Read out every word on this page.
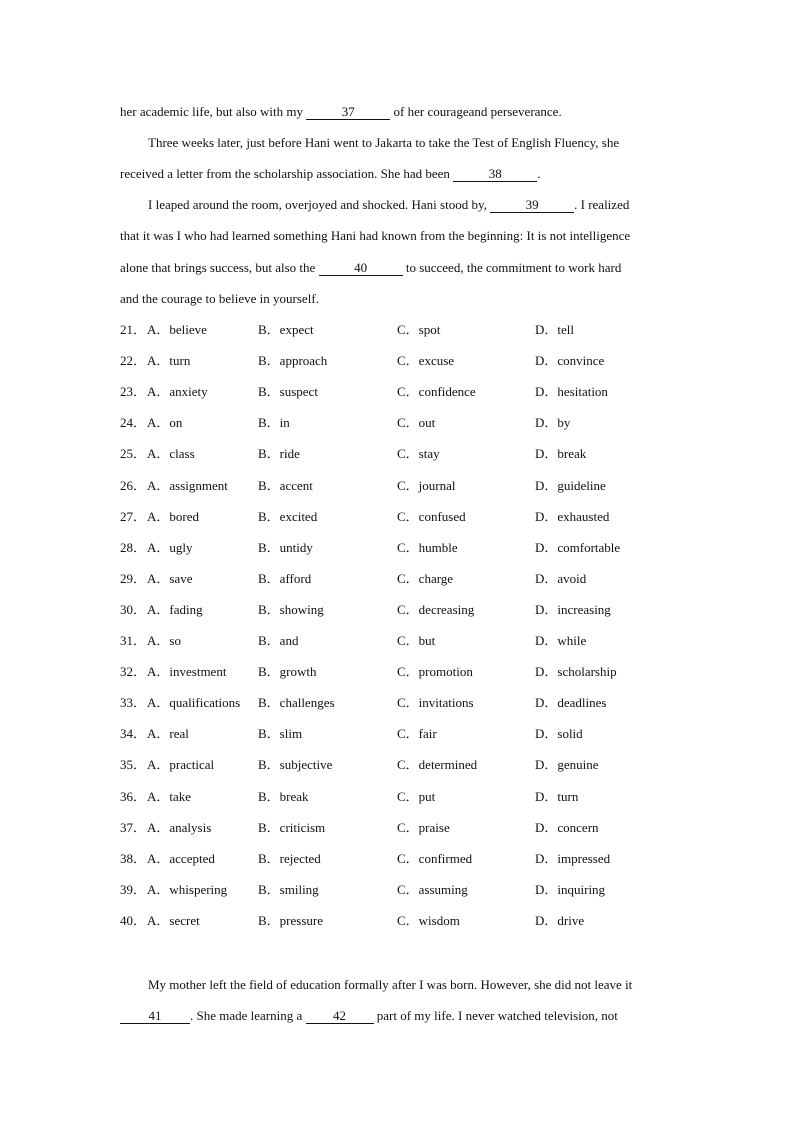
her academic life, but also with my	37	of her courageand perseverance.
Three weeks later, just before Hani went to Jakarta to take the Test of English Fluency, she
received a letter from the scholarship association. She had been	38	.
I leaped around the room, overjoyed and shocked. Hani stood by,	39	. I realized
that it was I who had learned something Hani had known from the beginning: It is not intelligence
alone that brings success, but also the	40	to succeed, the commitment to work hard
and the courage to believe in yourself.
21． A．believe	B．expect	C．spot	D．tell
22． A．turn	B．approach	C．excuse	D．convince
23． A．anxiety	B．suspect	C．confidence	D．hesitation
24． A．on	B．in	C．out	D．by
25． A．class	B．ride	C．stay	D．break
26． A．assignment B．accent	C．journal	D．guideline
27． A．bored	B．excited	C．confused	D．exhausted
28． A．ugly	B．untidy	C．humble	D．comfortable
29． A．save	B．afford	C．charge	D．avoid
30． A．fading	B．showing	C．decreasing	D．increasing
31． A．so	B．and	C．but	D．while
32． A．investment B．growth	C．promotion	D．scholarship
33． A．qualifications B．challenges	C．invitations	D．deadlines
34． A．real	B．slim	C．fair	D．solid
35． A．practical	B．subjective	C．determined	D．genuine
36． A．take	B．break	C．put	D．turn
37． A．analysis	B．criticism	C．praise	D．concern
38． A．accepted	B．rejected	C．confirmed	D．impressed
39． A．whispering B．smiling	C．assuming	D．inquiring
40． A．secret	B．pressure	C．wisdom	D．drive
My mother left the field of education formally after I was born. However, she did not leave it
41 . She made learning a 42 part of my life. I never watched television, not
